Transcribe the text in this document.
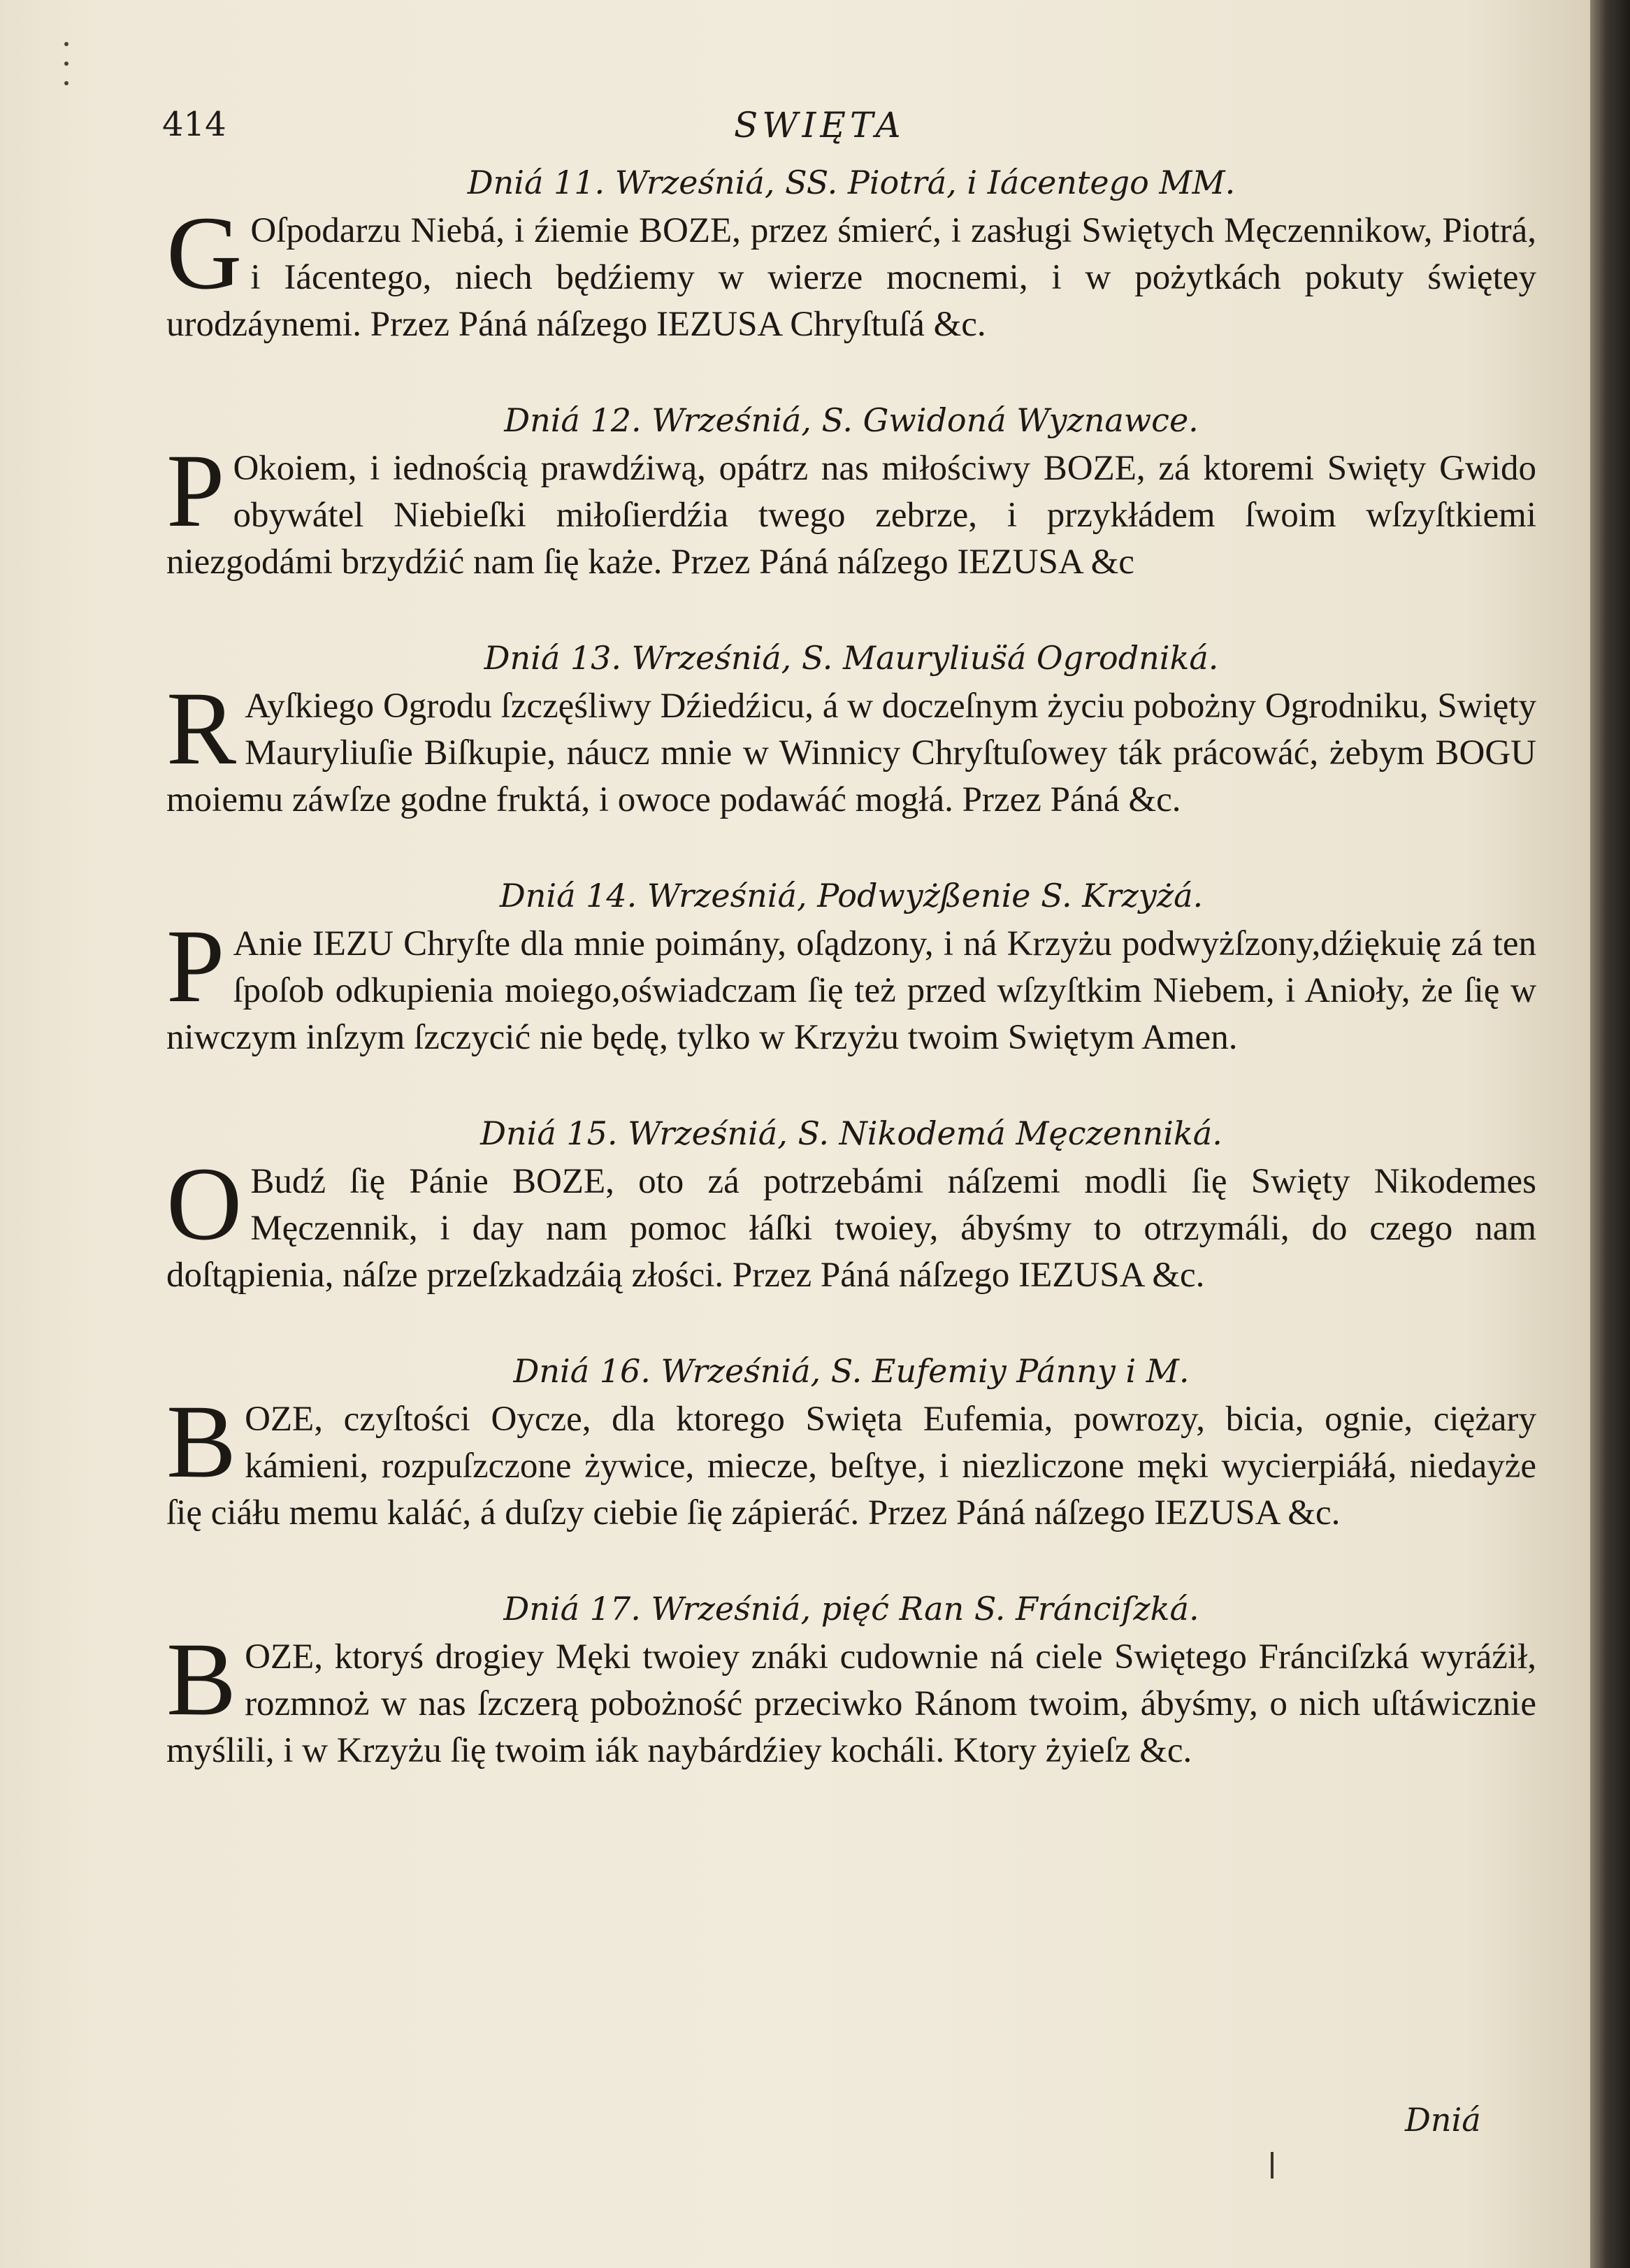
414	SWIĘTA

Dniá 11. Wrześniá, SS. Piotrá, i Iácentego MM.

G Oſpodarzu Niebá, i źiemie BOZE, przez śmierć, i zasługi Swiętych Męczennikow, Piotrá, i Iácentego, niech będźiemy w wierze mocnemi, i w pożytkách pokuty świętey urodzáynemi. Przez Páná náſzego IEZUSA Chryſtuſá &c.

Dniá 12. Wrześniá, S. Gwidoná Wyznawce.

P Okoiem, i iednością prawdźiwą, opátrz nas miłościwy BOZE, zá ktoremi Swięty Gwido obywátel Niebieſki miłoſierdźia twego zebrze, i przykłádem ſwoim wſzyſtkiemi niezgodámi brzydźić nam ſię każe. Przez Páná náſzego IEZUSA &c

Dniá 13. Wrześniá, S. Maurylius̈á Ogrodniká.

R Ayſkiego Ogrodu ſzczęśliwy Dźiedźicu, á w doczeſnym życiu pobożny Ogrodniku, Swięty Mauryliuſie Biſkupie, náucz mnie w Winnicy Chryſtuſowey ták prácowáć, żebym BOGU moiemu záwſze godne fruktá, i owoce podawáć mogłá. Przez Páná &c.

Dniá 14. Wrześniá, Podwyżßenie S. Krzyżá.

P Anie IEZU Chryſte dla mnie poimány, oſądzony, i ná Krzyżu podwyżſzony,dźiękuię zá ten ſpoſob odkupienia moiego,oświadczam ſię też przed wſzyſtkim Niebem, i Anioły, że ſię w niwczym inſzym ſzczycić nie będę, tylko w Krzyżu twoim Swiętym Amen.

Dniá 15. Wrześniá, S. Nikodemá Męczenniká.

O Budź ſię Pánie BOZE, oto zá potrzebámi náſzemi modli ſię Swięty Nikodemes Męczennik, i day nam pomoc łáſki twoiey, ábyśmy to otrzymáli, do czego nam doſtąpienia, náſze przeſzkadzáią złości. Przez Páná náſzego IEZUSA &c.

Dniá 16. Wrześniá, S. Eufemiy Pánny i M.

BOZE, czyſtości Oycze, dla ktorego Swięta Eufemia, powrozy, bicia, ognie, ciężary kámieni, rozpuſzczone żywice, miecze, beſtye, i niezliczone męki wycierpiáłá, niedayże ſię ciáłu memu kaláć, á duſzy ciebie ſię zápieráć. Przez Páná náſzego IEZUSA &c.

Dniá 17. Wrześniá, pięć Ran S. Fránciſzká.

BOZE, ktoryś drogiey Męki twoiey znáki cudownie ná ciele Swiętego Fránciſzká wyráźił, rozmnoż w nas ſzczerą pobożność przeciwko Ránom twoim, ábyśmy, o nich uſtáwicznie myślili, i w Krzyżu ſię twoim iák naybárdźiey kocháli. Ktory żyieſz &c.

Dniá
